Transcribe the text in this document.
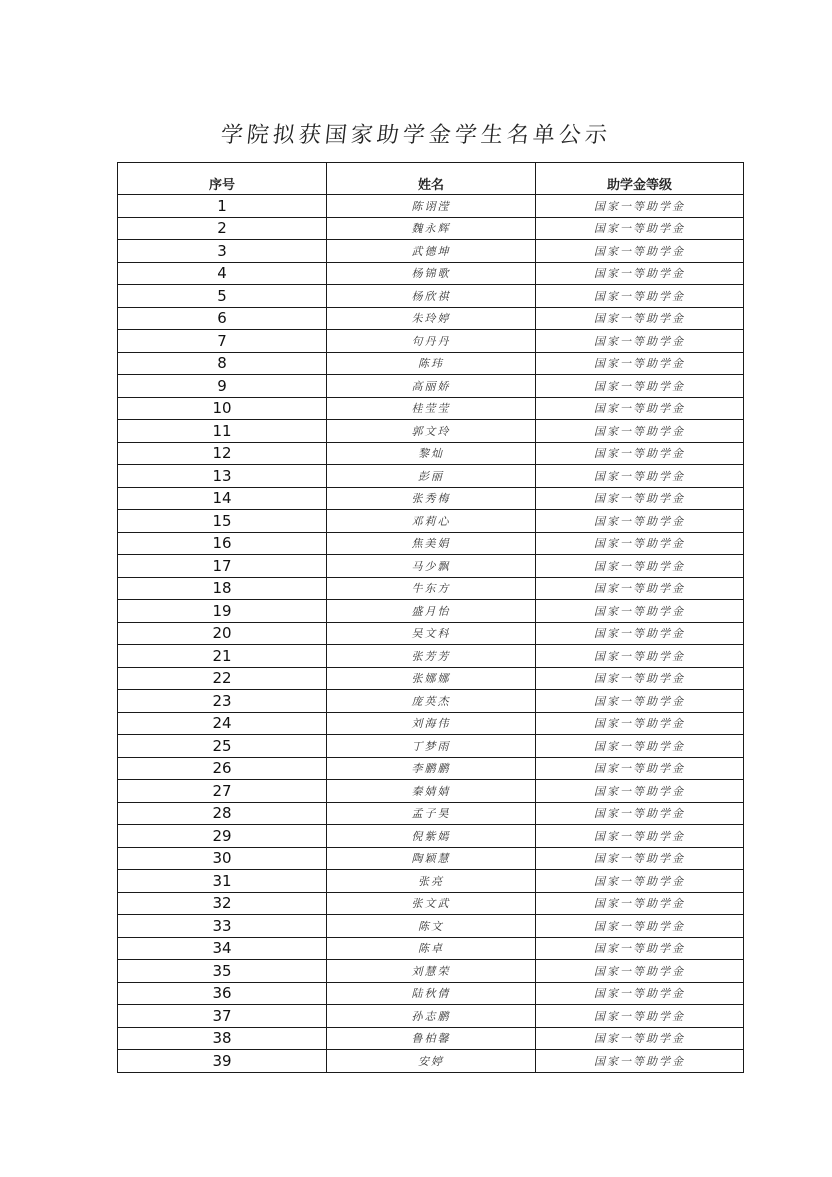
学院拟获国家助学金学生名单公示
序号	姓名	助学金等级
1	陈诩滢	国家一等助学金
2	魏永辉	国家一等助学金
3	武德坤	国家一等助学金
4	杨锦歌	国家一等助学金
5	杨欣祺	国家一等助学金
6	朱玲婷	国家一等助学金
7	句丹丹	国家一等助学金
8	陈玮	国家一等助学金
9	高丽娇	国家一等助学金
10	桂莹莹	国家一等助学金
11	郭文玲	国家一等助学金
12	黎灿	国家一等助学金
13	彭丽	国家一等助学金
14	张秀梅	国家一等助学金
15	邓莉心	国家一等助学金
16	焦美娟	国家一等助学金
17	马少飘	国家一等助学金
18	牛东方	国家一等助学金
19	盛月怡	国家一等助学金
20	吴文科	国家一等助学金
21	张芳芳	国家一等助学金
22	张娜娜	国家一等助学金
23	庞英杰	国家一等助学金
24	刘海伟	国家一等助学金
25	丁梦雨	国家一等助学金
26	李鹏鹏	国家一等助学金
27	秦婧婧	国家一等助学金
28	孟子昊	国家一等助学金
29	倪紫嫣	国家一等助学金
30	陶颖慧	国家一等助学金
31	张亮	国家一等助学金
32	张文武	国家一等助学金
33	陈文	国家一等助学金
34	陈卓	国家一等助学金
35	刘慧荣	国家一等助学金
36	陆秋倩	国家一等助学金
37	孙志鹏	国家一等助学金
38	鲁柏馨	国家一等助学金
39	安婷	国家一等助学金
